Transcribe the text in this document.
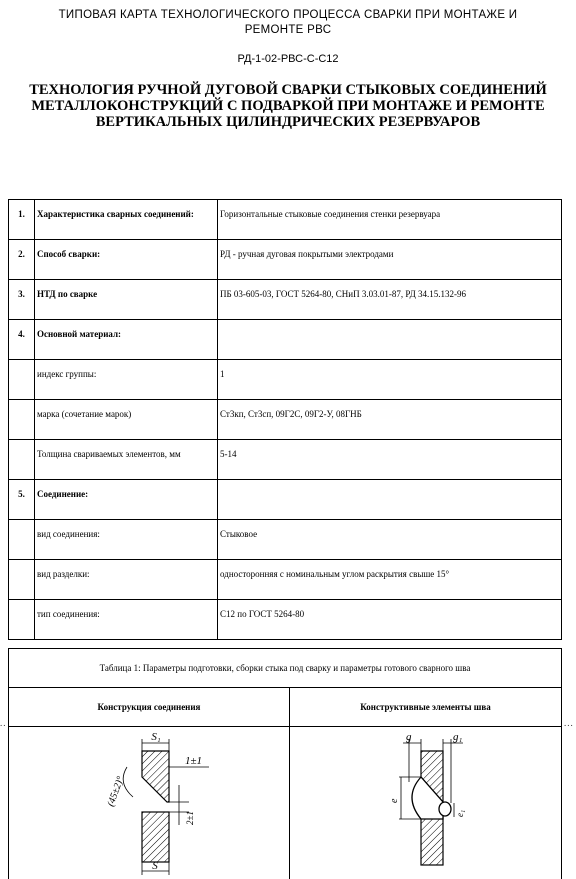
ТИПОВАЯ КАРТА ТЕХНОЛОГИЧЕСКОГО ПРОЦЕССА СВАРКИ ПРИ МОНТАЖЕ И
РЕМОНТЕ РВС
РД-1-02-РВС-С-С12
ТЕХНОЛОГИЯ РУЧНОЙ ДУГОВОЙ СВАРКИ СТЫКОВЫХ СОЕДИНЕНИЙ
МЕТАЛЛОКОНСТРУКЦИЙ С ПОДВАРКОЙ ПРИ МОНТАЖЕ И РЕМОНТЕ
ВЕРТИКАЛЬНЫХ ЦИЛИНДРИЧЕСКИХ РЕЗЕРВУАРОВ
1.	Характеристика сварных соединений:	Горизонтальные стыковые соединения стенки резервуара

2.	Способ сварки:	РД - ручная дуговая покрытыми электродами

3.	НТД по сварке	ПБ 03-605-03, ГОСТ 5264-80, СНиП 3.03.01-87, РД 34.15.132-96

4.	Основной материал:	

	индекс группы:	1

	марка (сочетание марок)	Ст3кп, Ст3сп, 09Г2С, 09Г2-У, 08ГНБ

	Толщина свариваемых элементов, мм	5-14

5.	Соединение:	

	вид соединения:	Стыковое

	вид разделки:	односторонняя с номинальным углом раскрытия свыше 15°

	тип соединения:	С12 по ГОСТ 5264-80
Таблица 1: Параметры подготовки, сборки стыка под сварку и параметры готового сварного шва	

Конструкция соединения	Конструктивные элементы шва

S₁
1±1
(45±2)°
2±1
S	g g₁
e
e₁
..	...
